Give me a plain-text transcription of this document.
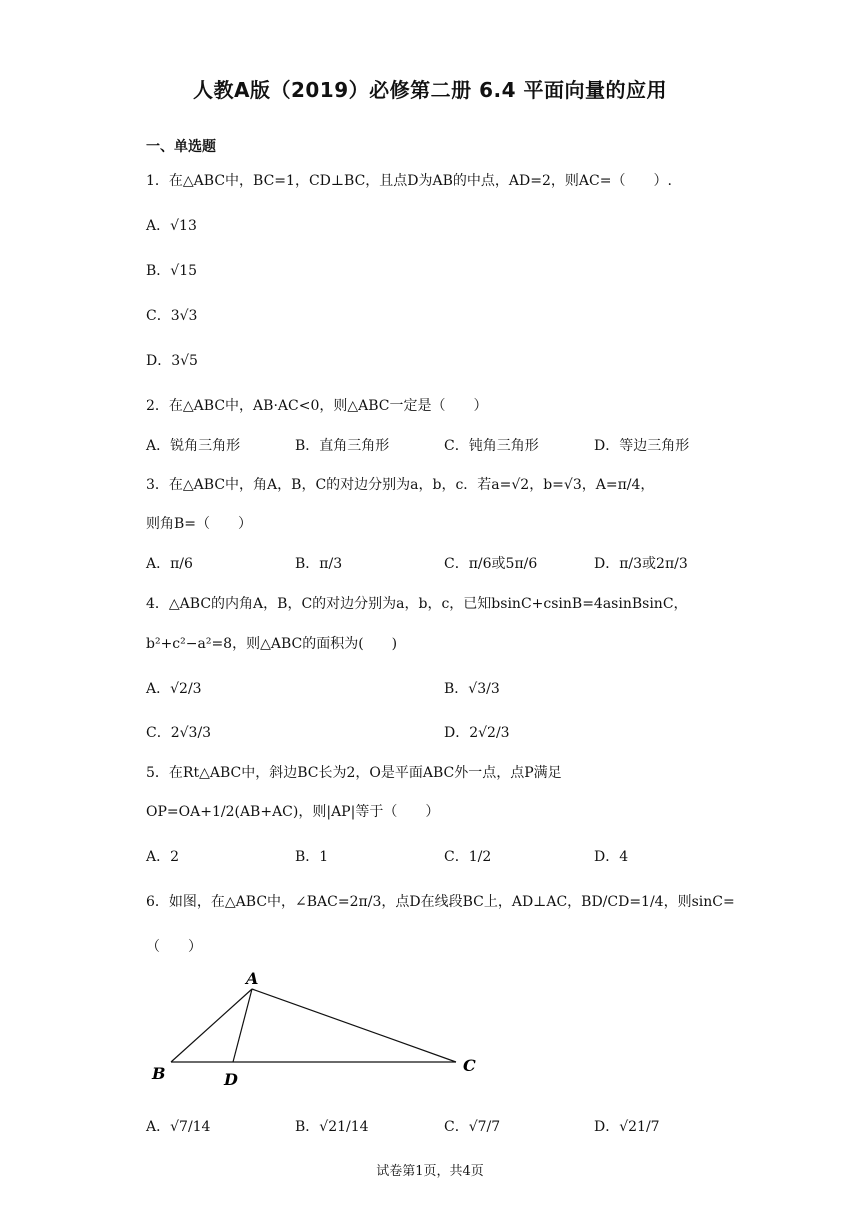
人教A版（2019）必修第二册 6.4 平面向量的应用
一、单选题
1．在△ABC中，BC=1，CD⊥BC，且点D为AB的中点，AD=2，则AC=（　　）.
A．√13
B．√15
C．3√3
D．3√5
2．在△ABC中，AB·AC<0，则△ABC一定是（　　）
A．锐角三角形	B．直角三角形	C．钝角三角形	D．等边三角形
3．在△ABC中，角A，B，C的对边分别为a，b，c．若a=√2，b=√3，A=π/4，
则角B=（　　）
A．π/6	B．π/3	C．π/6或5π/6	D．π/3或2π/3
4．△ABC的内角A，B，C的对边分别为a，b，c，已知bsinC+csinB=4asinBsinC，
b²+c²−a²=8，则△ABC的面积为(　　)
A．√2/3	B．√3/3
C．2√3/3	D．2√2/3
5．在Rt△ABC中，斜边BC长为2，O是平面ABC外一点，点P满足
OP=OA+1/2(AB+AC)，则|AP|等于（　　）
A．2	B．1	C．1/2	D．4
6．如图，在△ABC中，∠BAC=2π/3，点D在线段BC上，AD⊥AC，BD/CD=1/4，则sinC=
（　　）
A
B	D
C
A．√7/14	B．√21/14	C．√7/7	D．√21/7
试卷第1页，共4页
